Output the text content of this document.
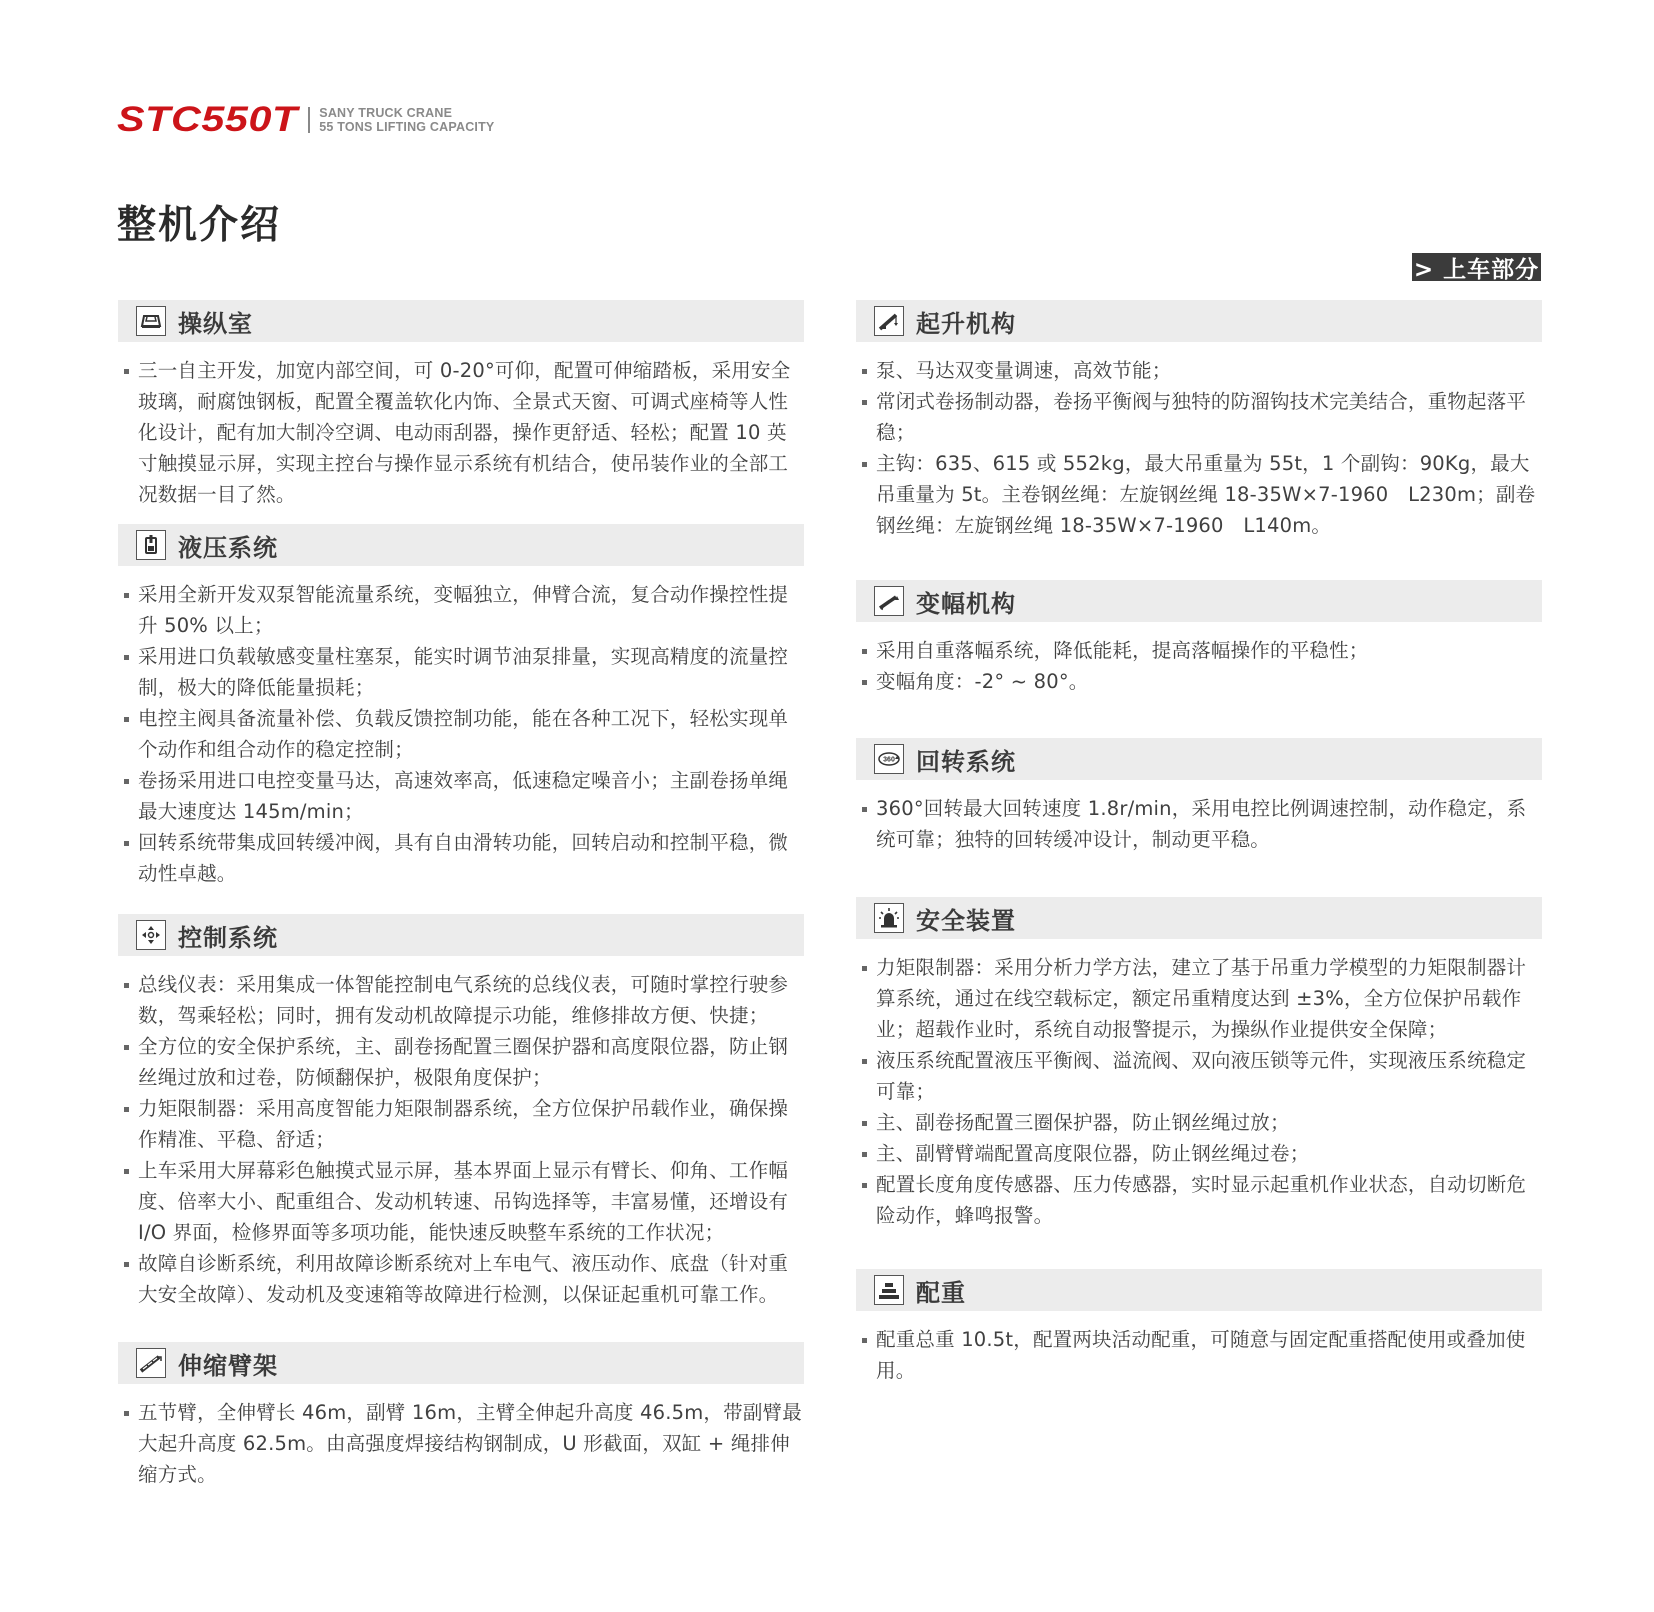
STC550T SANY TRUCK CRANE
55 TONS LIFTING CAPACITY
整机介绍
> 上车部分
操纵室
三一自主开发，加宽内部空间，可 0-20°可仰，配置可伸缩踏板，采用安全玻璃，耐腐蚀钢板，配置全覆盖软化内饰、全景式天窗、可调式座椅等人性化设计，配有加大制冷空调、电动雨刮器，操作更舒适、轻松；配置 10 英寸触摸显示屏，实现主控台与操作显示系统有机结合，使吊装作业的全部工况数据一目了然。
液压系统
采用全新开发双泵智能流量系统，变幅独立，伸臂合流，复合动作操控性提升 50% 以上；
采用进口负载敏感变量柱塞泵，能实时调节油泵排量，实现高精度的流量控制，极大的降低能量损耗；
电控主阀具备流量补偿、负载反馈控制功能，能在各种工况下，轻松实现单个动作和组合动作的稳定控制；
卷扬采用进口电控变量马达，高速效率高，低速稳定噪音小；主副卷扬单绳最大速度达 145m/min；
回转系统带集成回转缓冲阀，具有自由滑转功能，回转启动和控制平稳，微动性卓越。
控制系统
总线仪表：采用集成一体智能控制电气系统的总线仪表，可随时掌控行驶参数，驾乘轻松；同时，拥有发动机故障提示功能，维修排故方便、快捷；
全方位的安全保护系统，主、副卷扬配置三圈保护器和高度限位器，防止钢丝绳过放和过卷，防倾翻保护，极限角度保护；
力矩限制器：采用高度智能力矩限制器系统，全方位保护吊载作业，确保操作精准、平稳、舒适；
上车采用大屏幕彩色触摸式显示屏，基本界面上显示有臂长、仰角、工作幅度、倍率大小、配重组合、发动机转速、吊钩选择等，丰富易懂，还增设有 I/O 界面，检修界面等多项功能，能快速反映整车系统的工作状况；
故障自诊断系统，利用故障诊断系统对上车电气、液压动作、底盘（针对重大安全故障）、发动机及变速箱等故障进行检测，以保证起重机可靠工作。
伸缩臂架
五节臂，全伸臂长 46m，副臂 16m，主臂全伸起升高度 46.5m，带副臂最大起升高度 62.5m。由高强度焊接结构钢制成，U 形截面，双缸 + 绳排伸缩方式。
起升机构
泵、马达双变量调速，高效节能；
常闭式卷扬制动器，卷扬平衡阀与独特的防溜钩技术完美结合，重物起落平稳；
主钩：635、615 或 552kg，最大吊重量为 55t，1 个副钩：90Kg，最大吊重量为 5t。主卷钢丝绳：左旋钢丝绳 18-35W×7-1960　L230m；副卷钢丝绳：左旋钢丝绳 18-35W×7-1960　L140m。
变幅机构
采用自重落幅系统，降低能耗，提高落幅操作的平稳性；
变幅角度：-2° ~ 80°。
360 回转系统
360°回转最大回转速度 1.8r/min，采用电控比例调速控制，动作稳定，系统可靠；独特的回转缓冲设计，制动更平稳。
安全装置
力矩限制器：采用分析力学方法，建立了基于吊重力学模型的力矩限制器计算系统，通过在线空载标定，额定吊重精度达到 ±3%，全方位保护吊载作业；超载作业时，系统自动报警提示，为操纵作业提供安全保障；
液压系统配置液压平衡阀、溢流阀、双向液压锁等元件，实现液压系统稳定可靠；
主、副卷扬配置三圈保护器，防止钢丝绳过放；
主、副臂臂端配置高度限位器，防止钢丝绳过卷；
配置长度角度传感器、压力传感器，实时显示起重机作业状态，自动切断危险动作，蜂鸣报警。
配重
配重总重 10.5t，配置两块活动配重，可随意与固定配重搭配使用或叠加使用。
